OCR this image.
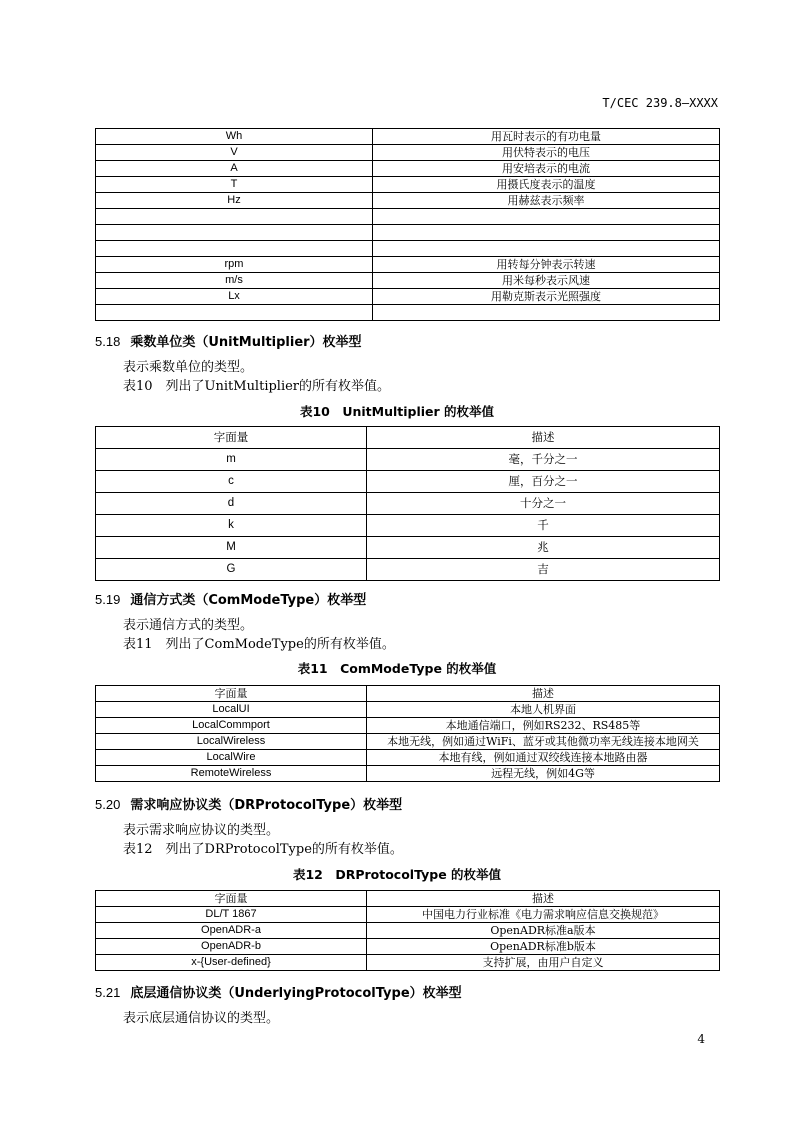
T/CEC 239.8—XXXX
Wh	用瓦时表示的有功电量
V	用伏特表示的电压
A	用安培表示的电流
T	用摄氏度表示的温度
Hz	用赫兹表示频率

rpm	用转每分钟表示转速
m/s	用米每秒表示风速
Lx	用勒克斯表示光照强度

5.18 乘数单位类（UnitMultiplier）枚举型
表示乘数单位的类型。
表10　列出了UnitMultiplier的所有枚举值。
表10　UnitMultiplier 的枚举值
字面量	描述
m	毫，千分之一
c	厘，百分之一
d	十分之一
k	千
M	兆
G	吉
5.19 通信方式类（ComModeType）枚举型
表示通信方式的类型。
表11　列出了ComModeType的所有枚举值。
表11　ComModeType 的枚举值
字面量	描述
LocalUI	本地人机界面
LocalCommport	本地通信端口，例如RS232、RS485等
LocalWireless	本地无线，例如通过WiFi、蓝牙或其他微功率无线连接本地网关
LocalWire	本地有线，例如通过双绞线连接本地路由器
RemoteWireless	远程无线，例如4G等
5.20 需求响应协议类（DRProtocolType）枚举型
表示需求响应协议的类型。
表12　列出了DRProtocolType的所有枚举值。
表12　DRProtocolType 的枚举值
字面量	描述
DL/T 1867	中国电力行业标准《电力需求响应信息交换规范》
OpenADR-a	OpenADR标准a版本
OpenADR-b	OpenADR标准b版本
x-{User-defined}	支持扩展，由用户自定义
5.21 底层通信协议类（UnderlyingProtocolType）枚举型
表示底层通信协议的类型。
4
